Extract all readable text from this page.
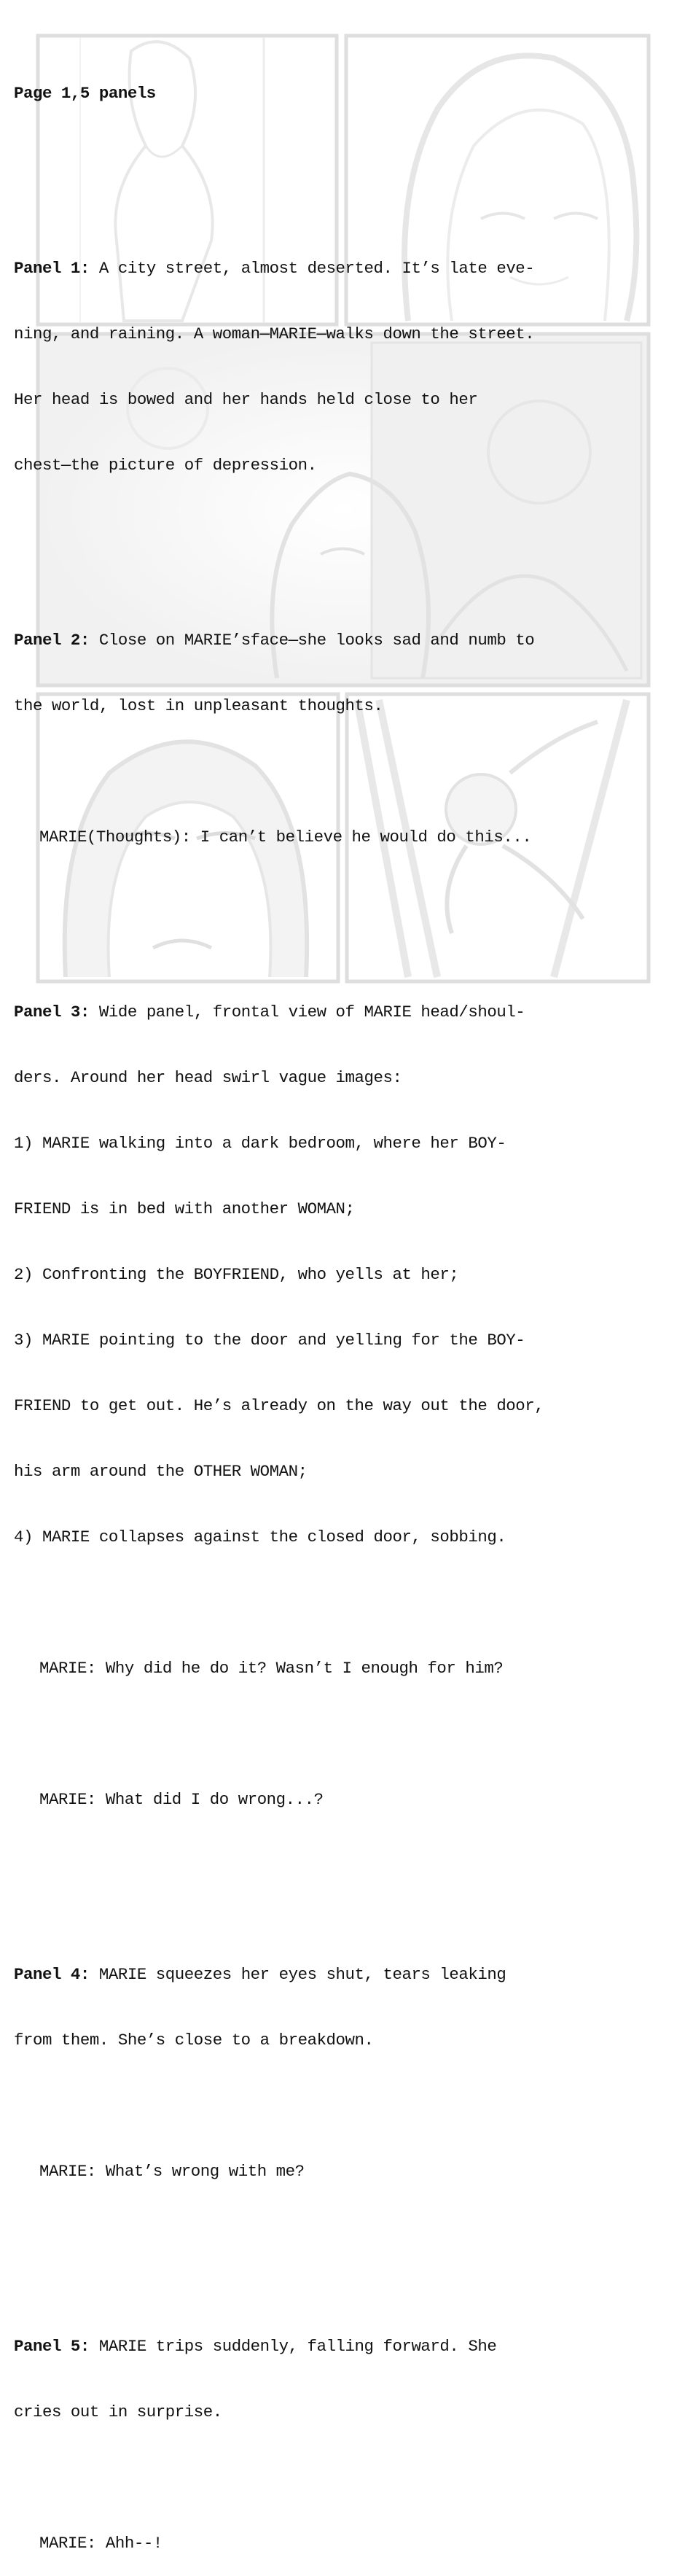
Page 1,5 panels

Panel 1: A city street, almost deserted. It’s late eve-

ning, and raining. A woman—MARIE—walks down the street.

Her head is bowed and her hands held close to her

chest—the picture of depression.

Panel 2: Close on MARIE’sface—she looks sad and numb to

the world, lost in unpleasant thoughts.

MARIE(Thoughts): I can’t believe he would do this...

Panel 3: Wide panel, frontal view of MARIE head/shoul-

ders. Around her head swirl vague images:

1) MARIE walking into a dark bedroom, where her BOY-

FRIEND is in bed with another WOMAN;

2) Confronting the BOYFRIEND, who yells at her;

3) MARIE pointing to the door and yelling for the BOY-

FRIEND to get out. He’s already on the way out the door,

his arm around the OTHER WOMAN;

4) MARIE collapses against the closed door, sobbing.

MARIE: Why did he do it? Wasn’t I enough for him?

MARIE: What did I do wrong...?

Panel 4: MARIE squeezes her eyes shut, tears leaking

from them. She’s close to a breakdown.

MARIE: What’s wrong with me?

Panel 5: MARIE trips suddenly, falling forward. She

cries out in surprise.

MARIE: Ahh--!
